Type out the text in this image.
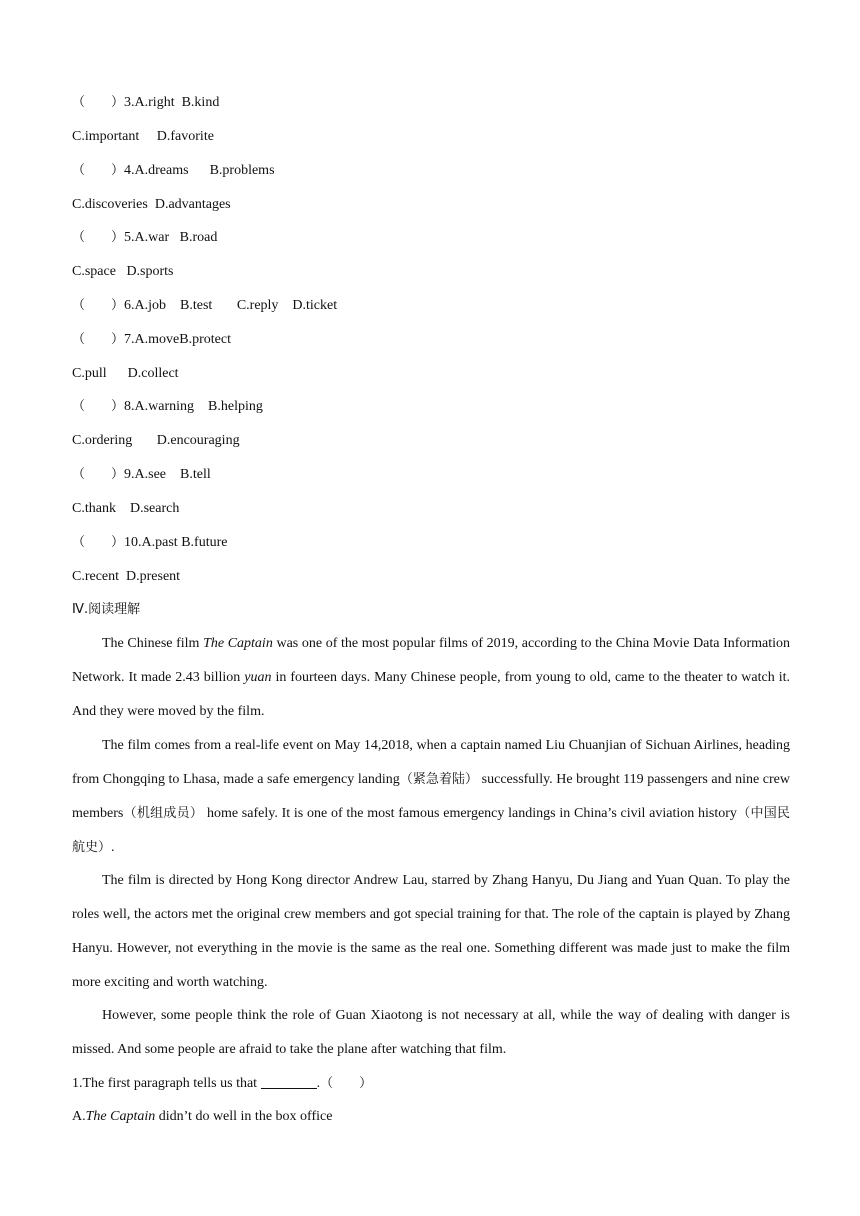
（ ）3.A.right B.kind
C.important D.favorite
（ ）4.A.dreams B.problems
C.discoveries D.advantages
（ ）5.A.war B.road
C.space D.sports
（ ）6.A.job B.test C.reply D.ticket
（ ）7.A.moveB.protect
C.pull D.collect
（ ）8.A.warning B.helping
C.ordering D.encouraging
（ ）9.A.see B.tell
C.thank D.search
（ ）10.A.past B.future
C.recent D.present
Ⅳ.阅读理解
The Chinese film The Captain was one of the most popular films of 2019, according to the China Movie Data Information Network. It made 2.43 billion yuan in fourteen days. Many Chinese people, from young to old, came to the theater to watch it. And they were moved by the film.
The film comes from a real-life event on May 14,2018, when a captain named Liu Chuanjian of Sichuan Airlines, heading from Chongqing to Lhasa, made a safe emergency landing（紧急着陆） successfully. He brought 119 passengers and nine crew members（机组成员） home safely. It is one of the most famous emergency landings in China’s civil aviation history（中国民航史）.
The film is directed by Hong Kong director Andrew Lau, starred by Zhang Hanyu, Du Jiang and Yuan Quan. To play the roles well, the actors met the original crew members and got special training for that. The role of the captain is played by Zhang Hanyu. However, not everything in the movie is the same as the real one. Something different was made just to make the film more exciting and worth watching.
However, some people think the role of Guan Xiaotong is not necessary at all, while the way of dealing with danger is missed. And some people are afraid to take the plane after watching that film.
1.The first paragraph tells us that	.（ ）
A.The Captain didn’t do well in the box office
